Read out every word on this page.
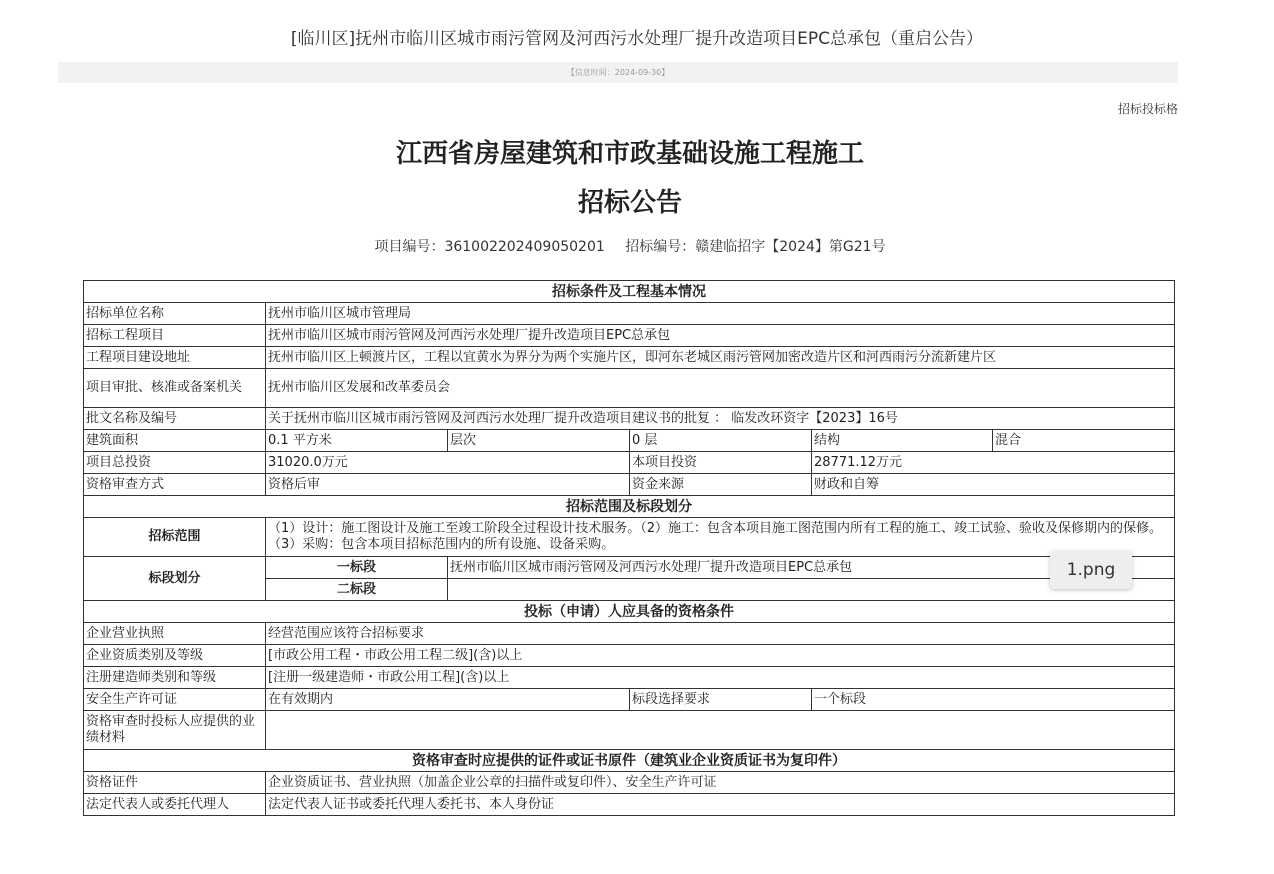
[临川区]抚州市临川区城市雨污管网及河西污水处理厂提升改造项目EPC总承包（重启公告）
【信息时间：2024-09-30】
招标投标格
江西省房屋建筑和市政基础设施工程施工
招标公告
项目编号：361002202409050201 招标编号：赣建临招字【2024】第G21号
招标条件及工程基本情况					
招标单位名称	抚州市临川区城市管理局				
招标工程项目	抚州市临川区城市雨污管网及河西污水处理厂提升改造项目EPC总承包				
工程项目建设地址	抚州市临川区上顿渡片区，工程以宜黄水为界分为两个实施片区，即河东老城区雨污管网加密改造片区和河西雨污分流新建片区				
项目审批、核准或备案机关	抚州市临川区发展和改革委员会				
批文名称及编号	关于抚州市临川区城市雨污管网及河西污水处理厂提升改造项目建议书的批复 ： 临发改环资字【2023】16号				
建筑面积	0.1 平方米	层次	0 层	结构	混合
项目总投资	31020.0万元		本项目投资	28771.12万元	
资格审查方式	资格后审		资金来源	财政和自筹	
招标范围及标段划分					
招标范围	（1）设计：施工图设计及施工至竣工阶段全过程设计技术服务。（2）施工：包含本项目施工图范围内所有工程的施工、竣工试验、验收及保修期内的保修。（3）采购：包含本项目招标范围内的所有设施、设备采购。				
标段划分	一标段	抚州市临川区城市雨污管网及河西污水处理厂提升改造项目EPC总承包			
	二标段				
投标（申请）人应具备的资格条件					
企业营业执照	经营范围应该符合招标要求				
企业资质类别及等级	[市政公用工程・市政公用工程二级](含)以上				
注册建造师类别和等级	[注册一级建造师・市政公用工程](含)以上				
安全生产许可证	在有效期内		标段选择要求	一个标段	
资格审查时投标人应提供的业绩材料					
资格审查时应提供的证件或证书原件（建筑业企业资质证书为复印件）					
资格证件	企业资质证书、营业执照（加盖企业公章的扫描件或复印件）、安全生产许可证				
法定代表人或委托代理人	法定代表人证书或委托代理人委托书、本人身份证				
1.png
